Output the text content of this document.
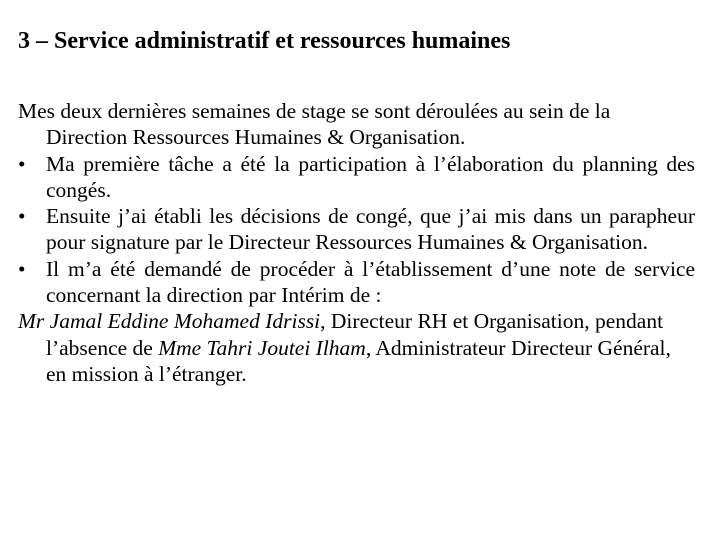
3 – Service administratif et ressources humaines

Mes deux dernières semaines de stage se sont déroulées au sein de la Direction Ressources Humaines & Organisation.

• Ma première tâche a été la participation à l’élaboration du planning des congés.

• Ensuite j’ai établi les décisions de congé, que j’ai mis dans un parapheur pour signature par le Directeur Ressources Humaines & Organisation.

• Il m’a été demandé de procéder à l’établissement d’une note de service concernant la direction par Intérim de :

Mr Jamal Eddine Mohamed Idrissi, Directeur RH et Organisation, pendant l’absence de Mme Tahri Joutei Ilham, Administrateur Directeur Général, en mission à l’étranger.
